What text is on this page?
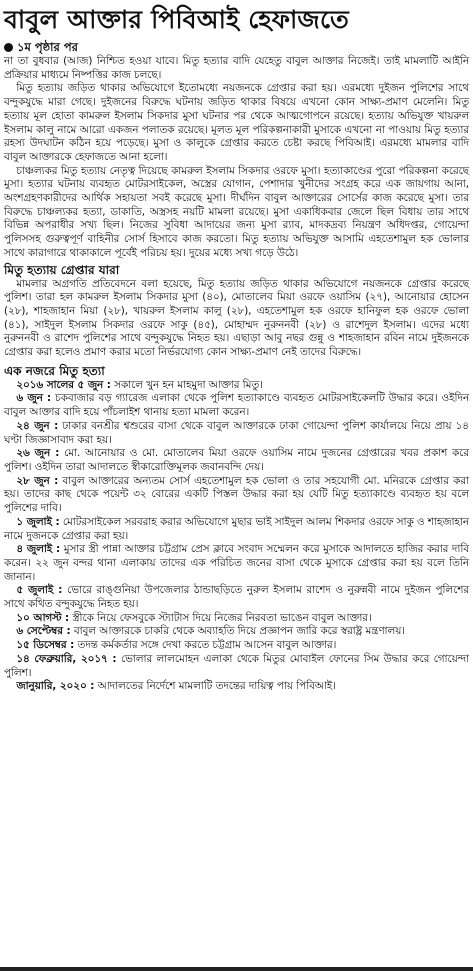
বাবুল আক্তার পিবিআই হেফাজতে
১ম পৃষ্ঠার পর

না তা বুধবার (আজ) নিশ্চিত হওয়া যাবে। মিতু হত্যার বাদি যেহেতু বাবুল আক্তার নিজেই। তাই মামলাটি আইনি প্রক্রিয়ার মাধ্যমে নিষ্পত্তির কাজ চলছে।

মিতু হত্যায় জড়িত থাকার অভিযোগে ইতোমধ্যে নয়জনকে গ্রেপ্তার করা হয়। এরমধ্যে দুইজন পুলিশের সাথে বন্দুকযুদ্ধে মারা গেছে। দুইজনের বিরুদ্ধে ঘটনায় জড়িত থাকার বিষয়ে এখনো কোন সাক্ষ্য-প্রমাণ মেলেনি। মিতু হত্যায় মূল হোতা কামরুল ইসলাম সিকদার মুসা ঘটনার পর থেকে আত্মগোপনে রয়েছে। হত্যায় অভিযুক্ত খায়রুল ইসলাম কালু নামে আরো একজন পলাতক রয়েছে। মূলত মূল পরিকল্পনাকারী মুসাকে এখনো না পাওয়ায় মিতু হত্যার রহস্য উদঘাটন কঠিন হয়ে পড়েছে। মুসা ও কালুকে গ্রেপ্তার করতে চেষ্টা করছে পিবিআই। এরমধ্যে মামলার বাদি বাবুল আক্তারকে হেফাজতে আনা হলো।

চাঞ্চল্যকর মিতু হত্যায় নেতৃত্ব দিয়েছে কামরুল ইসলাম সিকদার ওরফে মুসা। হত্যাকাণ্ডের পুরো পরিকল্পনা করেছে মুসা। হত্যার ঘটনায় ব্যবহৃত মোটরসাইকেল, অস্ত্রের যোগান, পেশাদার খুনীদের সংগ্রহ করে এক জায়গায় আনা, অংশগ্রহণকারীদের আর্থিক সহায়তা সবই করেছে মুসা। দীর্ঘদিন বাবুল আক্তারের সোর্সের কাজ করেছে মুসা। তার বিরুদ্ধে চাঞ্চল্যকর হত্যা, ডাকাতি, অস্ত্রসহ নয়টি মামলা রয়েছে। মুসা একাধিকবার জেলে ছিল বিধায় তার সাথে বিভিন্ন অপরাধীর সখ্য ছিল। নিজের সুবিধা আদায়ের জন্য মুসা র‍্যাব, মাদকদ্রব্য নিয়ন্ত্রণ অধিদপ্তর, গোয়েন্দা পুলিসসহ গুরুত্বপূর্ণ বাহিনীর সোর্স হিসাবে কাজ করতো। মিতু হত্যায় অভিযুক্ত আসামি এহতেশামুল হক ভোলার সাথে কারাগারে থাকাকালে পূর্বেই পরিচয় হয়। দুয়ের মধ্যে সখ্য গড়ে উঠে।

মিতু হত্যায় গ্রেপ্তার যারা

মামলার অগ্রগতি প্রতিবেদনে বলা হয়েছে, মিতু হত্যায় জড়িত থাকার অভিযোগে নয়জনকে গ্রেপ্তার করেছে পুলিশ। তারা হল কামরুল ইসলাম সিকদার মুসা (৪০), মোতালেব মিয়া ওরফে ওয়াসিম (২৭), আনোয়ার হোসেন (২৮), শাহজাহান মিয়া (২৮), খায়রুল ইসলাম কালু (২৮), এহতেশামুল হক ওরফে হানিফুল হক ওরফে ভোলা (৪১), সাইদুল ইসলাম সিকদার ওরফে সাকু (৪৫), মোহাম্মদ নুরুননবী (২৮) ও রাশেদুল ইসলাম। এদের মধ্যে নুরুননবী ও রাশেদ পুলিশের সাথে বন্দুকযুদ্ধে নিহত হয়। এছাড়া আবু নছর গুন্নু ও শাহজাহান রবিন নামে দুইজনকে গ্রেপ্তার করা হলেও প্রমাণ করার মতো নির্ভরযোগ্য কোন সাক্ষ্য-প্রমাণ নেই তাদের বিরুদ্ধে।

এক নজরে মিতু হত্যা

২০১৬ সালের ৫ জুন : সকালে খুন হন মাহমুদা আক্তার মিতু।

৬ জুন : চকবাজার বড় গ্যারেজ এলাকা থেকে পুলিশ হত্যাকাণ্ডে ব্যবহৃত মোটরসাইকেলটি উদ্ধার করে। ওইদিন বাবুল আক্তার বাদি হয়ে পাঁচলাইশ থানায় হত্যা মামলা করেন।

২৪ জুন : ঢাকার বনশ্রীর শ্বশুরের বাসা থেকে বাবুল আক্তারকে ঢাকা গোয়েন্দা পুলিশ কার্যালয়ে নিয়ে প্রায় ১৪ ঘণ্টা জিজ্ঞাসাবাদ করা হয়।

২৬ জুন : মো. আনোয়ার ও মো. মোতালেব মিয়া ওরফে ওয়াসিম নামে দুজনের গ্রেপ্তারের খবর প্রকাশ করে পুলিশ। ওইদিন তারা আদালতে স্বীকারোক্তিমূলক জবানবন্দি দেয়।

২৮ জুন : বাবুল আক্তারের অন্যতম সোর্স এহতেশামুল হক ভোলা ও তার সহযোগী মো. মনিরকে গ্রেপ্তার করা হয়। তাদের কাছ থেকে পয়েন্ট ৩২ বোরের একটি পিস্তল উদ্ধার করা হয় যেটি মিতু হত্যাকাণ্ডে ব্যবহৃত হয় বলে পুলিশের দাবি।

১ জুলাই : মোটরসাইকেল সরবরাহ করার অভিযোগে মুছার ভাই সাইদুল আলম শিকদার ওরফে সাকু ও শাহজাহান নামে দুজনকে গ্রেপ্তার করা হয়।

৪ জুলাই : মুসার স্ত্রী পান্না আক্তার চট্টগ্রাম প্রেস ক্লাবে সংবাদ সম্মেলন করে মুসাকে আদালতে হাজির করার দাবি করেন। ২২ জুন বন্দর থানা এলাকায় তাদের এক পরিচিত জনের বাসা থেকে মুসাকে গ্রেপ্তার করা হয় বলে তিনি জানান।

৫ জুলাই : ভোরে রাঙ্গুনিয়া উপজেলার ঠান্ডাছড়িতে নুরুল ইসলাম রাশেদ ও নুরুন্নবী নামে দুইজন পুলিশের সাথে কথিত বন্দুকযুদ্ধে নিহত হয়।

১০ আগস্ট : স্ত্রীকে নিয়ে ফেসবুকে স্ট্যাটাস দিয়ে নিজের নিরবতা ভাঙেন বাবুল আক্তার।

৬ সেপ্টেম্বর : বাবুল আক্তারকে চাকরি থেকে অব্যাহতি দিয়ে প্রজ্ঞাপন জারি করে স্বরাষ্ট্র মন্ত্রণালয়।

১৫ ডিসেম্বর : তদন্ত কর্মকর্তার সঙ্গে দেখা করতে চট্টগ্রাম আসেন বাবুল আক্তার।

১৪ ফেব্রুয়ারি, ২০১৭ : ভোলার লালমোহন এলাকা থেকে মিতুর মোবাইল ফোনের সিম উদ্ধার করে গোয়েন্দা পুলিশ।

জানুয়ারি, ২০২০ : আদালতের নির্দেশে মামলাটি তদন্তের দায়িত্ব পায় পিবিআই।
